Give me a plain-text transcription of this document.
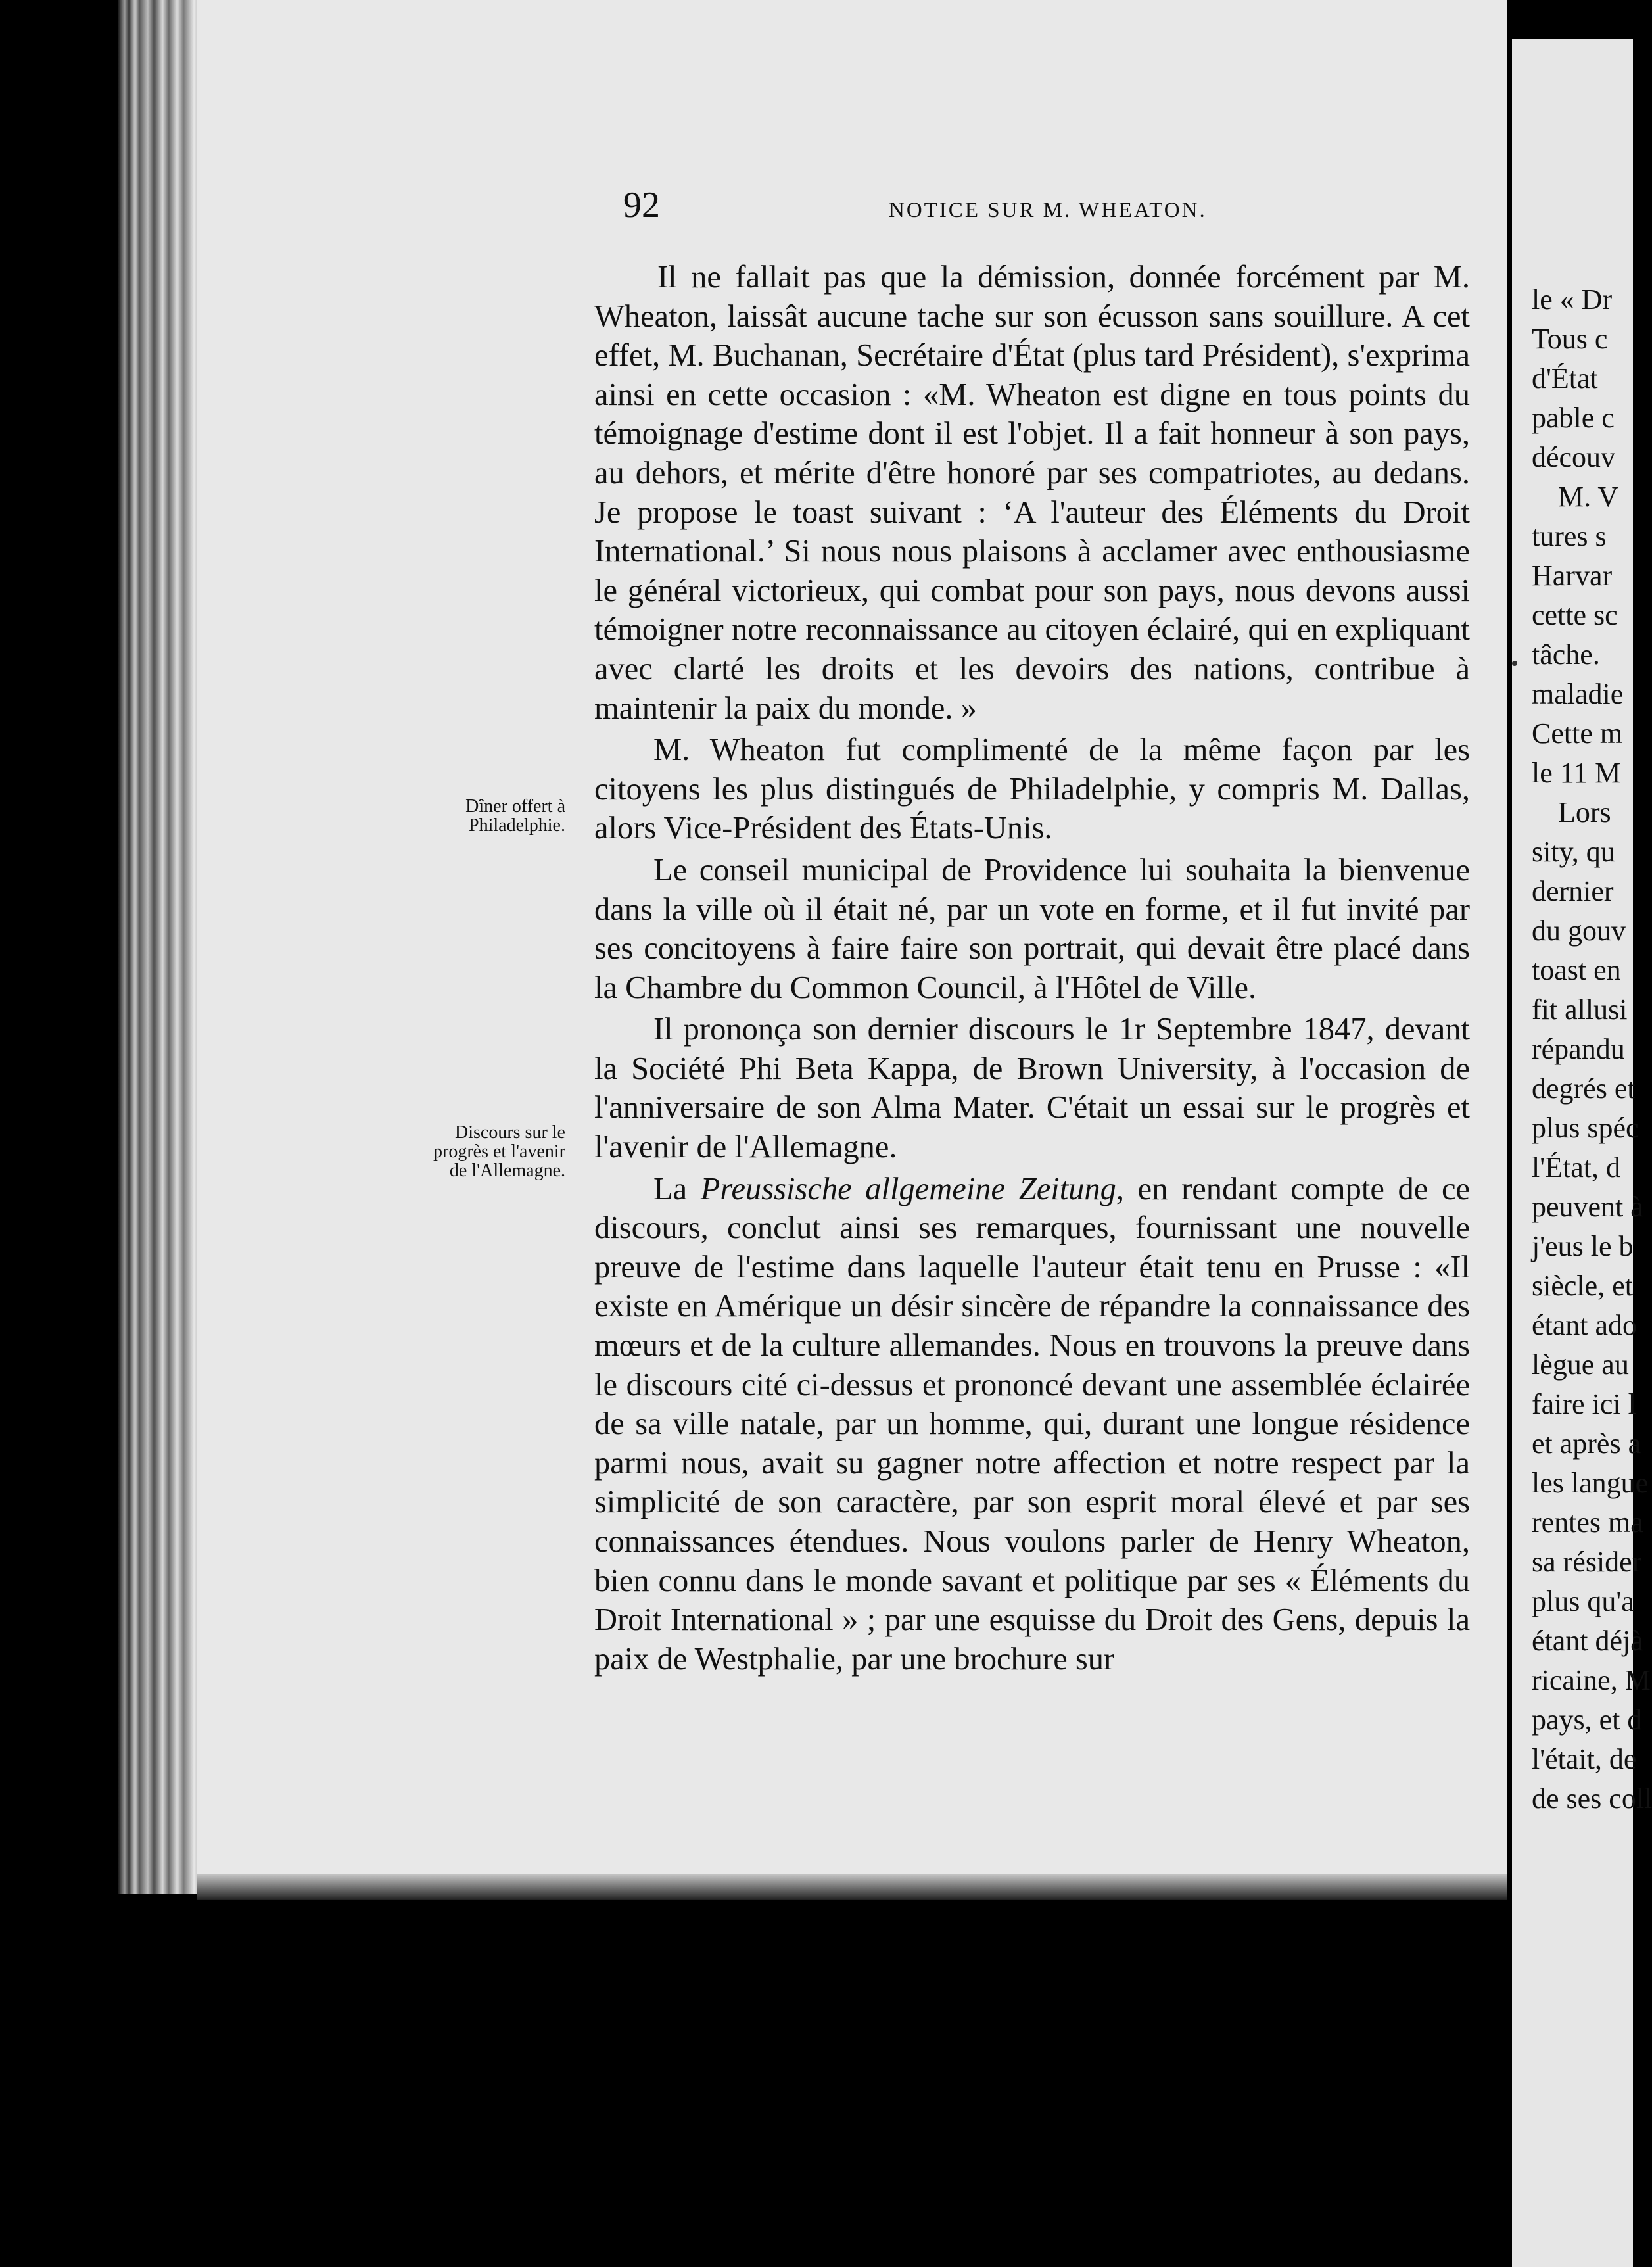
92	NOTICE SUR M. WHEATON.
Dîner offert à Philadelphie.
Discours sur le progrès et l'avenir de l'Allemagne.

Il ne fallait pas que la démission, donnée forcément par M. Wheaton, laissât aucune tache sur son écusson sans souillure. A cet effet, M. Buchanan, Secrétaire d'État (plus tard Président), s'exprima ainsi en cette occasion : «M. Wheaton est digne en tous points du témoignage d'estime dont il est l'objet. Il a fait honneur à son pays, au dehors, et mérite d'être honoré par ses compatriotes, au dedans. Je propose le toast suivant : ‘A l'auteur des Éléments du Droit International.’ Si nous nous plaisons à acclamer avec enthousiasme le général victorieux, qui combat pour son pays, nous devons aussi témoigner notre reconnaissance au citoyen éclairé, qui en expliquant avec clarté les droits et les devoirs des nations, contribue à maintenir la paix du monde. »

M. Wheaton fut complimenté de la même façon par les citoyens les plus distingués de Philadelphie, y compris M. Dallas, alors Vice-Président des États-Unis.

Le conseil municipal de Providence lui souhaita la bienvenue dans la ville où il était né, par un vote en forme, et il fut invité par ses concitoyens à faire faire son portrait, qui devait être placé dans la Chambre du Common Council, à l'Hôtel de Ville.

Il prononça son dernier discours le 1r Septembre 1847, devant la Société Phi Beta Kappa, de Brown University, à l'occasion de l'anniversaire de son Alma Mater. C'était un essai sur le progrès et l'avenir de l'Allemagne.

La Preussische allgemeine Zeitung, en rendant compte de ce discours, conclut ainsi ses remarques, fournissant une nouvelle preuve de l'estime dans laquelle l'auteur était tenu en Prusse : «Il existe en Amérique un désir sincère de répandre la connaissance des mœurs et de la culture allemandes. Nous en trouvons la preuve dans le discours cité ci-dessus et prononcé devant une assemblée éclairée de sa ville natale, par un homme, qui, durant une longue résidence parmi nous, avait su gagner notre affection et notre respect par la simplicité de son caractère, par son esprit moral élevé et par ses connaissances étendues. Nous voulons parler de Henry Wheaton, bien connu dans le monde savant et politique par ses « Éléments du Droit International » ; par une esquisse du Droit des Gens, depuis la paix de Westphalie, par une brochure sur

le « Dr
Tous c
d'État
pable c
découv
M. V
tures s
Harvar
cette sc
tâche.
maladie
Cette m
le 11 M
Lors
sity, qu
dernier
du gouv
toast en
fit allusi
répandu
degrés et
plus spéc
l'État, d
peuvent à
j'eus le b
siècle, et
étant ado
lègue au
faire ici l
et après a
les langue
rentes ma
sa résider
plus qu'a
étant déjà
ricaine, M
pays, et d
l'était, de
de ses coll
